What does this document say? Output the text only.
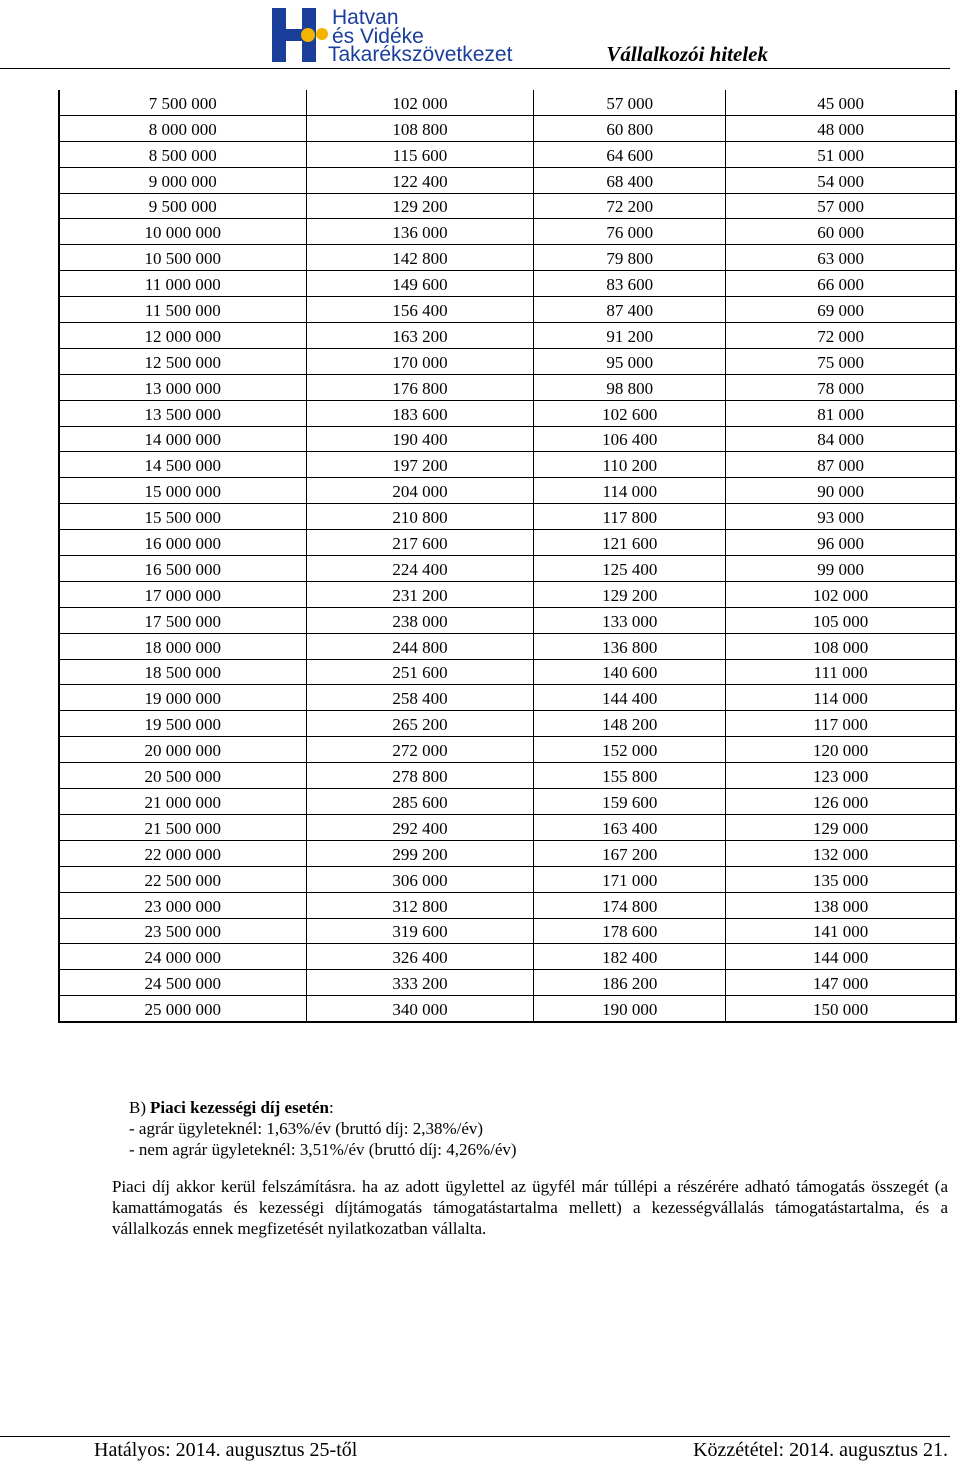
Hatvan
és Vidéke
Takarékszövetkezet	Vállalkozói hitelek
7 500 000	102 000	57 000	45 000
8 000 000	108 800	60 800	48 000
8 500 000	115 600	64 600	51 000
9 000 000	122 400	68 400	54 000
9 500 000	129 200	72 200	57 000
10 000 000	136 000	76 000	60 000
10 500 000	142 800	79 800	63 000
11 000 000	149 600	83 600	66 000
11 500 000	156 400	87 400	69 000
12 000 000	163 200	91 200	72 000
12 500 000	170 000	95 000	75 000
13 000 000	176 800	98 800	78 000
13 500 000	183 600	102 600	81 000
14 000 000	190 400	106 400	84 000
14 500 000	197 200	110 200	87 000
15 000 000	204 000	114 000	90 000
15 500 000	210 800	117 800	93 000
16 000 000	217 600	121 600	96 000
16 500 000	224 400	125 400	99 000
17 000 000	231 200	129 200	102 000
17 500 000	238 000	133 000	105 000
18 000 000	244 800	136 800	108 000
18 500 000	251 600	140 600	111 000
19 000 000	258 400	144 400	114 000
19 500 000	265 200	148 200	117 000
20 000 000	272 000	152 000	120 000
20 500 000	278 800	155 800	123 000
21 000 000	285 600	159 600	126 000
21 500 000	292 400	163 400	129 000
22 000 000	299 200	167 200	132 000
22 500 000	306 000	171 000	135 000
23 000 000	312 800	174 800	138 000
23 500 000	319 600	178 600	141 000
24 000 000	326 400	182 400	144 000
24 500 000	333 200	186 200	147 000
25 000 000	340 000	190 000	150 000
B) Piaci kezességi díj esetén:
- agrár ügyleteknél: 1,63%/év (bruttó díj: 2,38%/év)
- nem agrár ügyleteknél: 3,51%/év (bruttó díj: 4,26%/év)
Piaci díj akkor kerül felszámításra. ha az adott ügylettel az ügyfél már túllépi a részérére adható támogatás összegét (a kamattámogatás és kezességi díjtámogatás támogatástartalma mellett) a kezességvállalás támogatástartalma, és a vállalkozás ennek megfizetését nyilatkozatban vállalta.
Hatályos: 2014. augusztus 25-től	Közzététel: 2014. augusztus 21.
